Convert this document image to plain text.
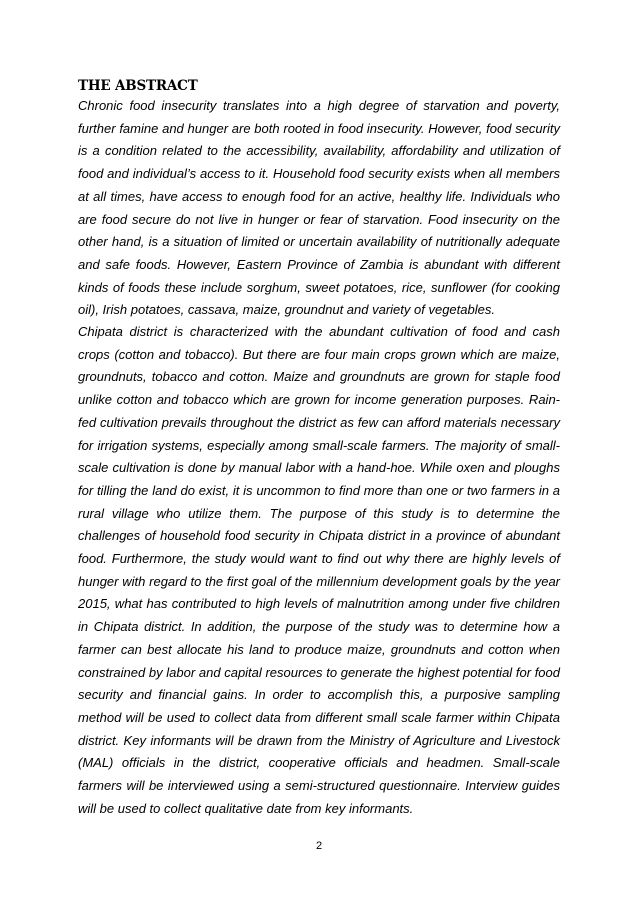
THE ABSTRACT

Chronic food insecurity translates into a high degree of starvation and poverty, further famine and hunger are both rooted in food insecurity. However, food security is a condition related to the accessibility, availability, affordability and utilization of food and individual’s access to it. Household food security exists when all members at all times, have access to enough food for an active, healthy life. Individuals who are food secure do not live in hunger or fear of starvation. Food insecurity on the other hand, is a situation of limited or uncertain availability of nutritionally adequate and safe foods. However, Eastern Province of Zambia is abundant with different kinds of foods these include sorghum, sweet potatoes, rice, sunflower (for cooking oil), Irish potatoes, cassava, maize, groundnut and variety of vegetables.

Chipata district is characterized with the abundant cultivation of food and cash crops (cotton and tobacco). But there are four main crops grown which are maize, groundnuts, tobacco and cotton. Maize and groundnuts are grown for staple food unlike cotton and tobacco which are grown for income generation purposes. Rain-fed cultivation prevails throughout the district as few can afford materials necessary for irrigation systems, especially among small-scale farmers. The majority of small-scale cultivation is done by manual labor with a hand-hoe. While oxen and ploughs for tilling the land do exist, it is uncommon to find more than one or two farmers in a rural village who utilize them. The purpose of this study is to determine the challenges of household food security in Chipata district in a province of abundant food. Furthermore, the study would want to find out why there are highly levels of hunger with regard to the first goal of the millennium development goals by the year 2015, what has contributed to high levels of malnutrition among under five children in Chipata district. In addition, the purpose of the study was to determine how a farmer can best allocate his land to produce maize, groundnuts and cotton when constrained by labor and capital resources to generate the highest potential for food security and financial gains. In order to accomplish this, a purposive sampling method will be used to collect data from different small scale farmer within Chipata district. Key informants will be drawn from the Ministry of Agriculture and Livestock (MAL) officials in the district, cooperative officials and headmen. Small-scale farmers will be interviewed using a semi-structured questionnaire. Interview guides will be used to collect qualitative date from key informants.

2
